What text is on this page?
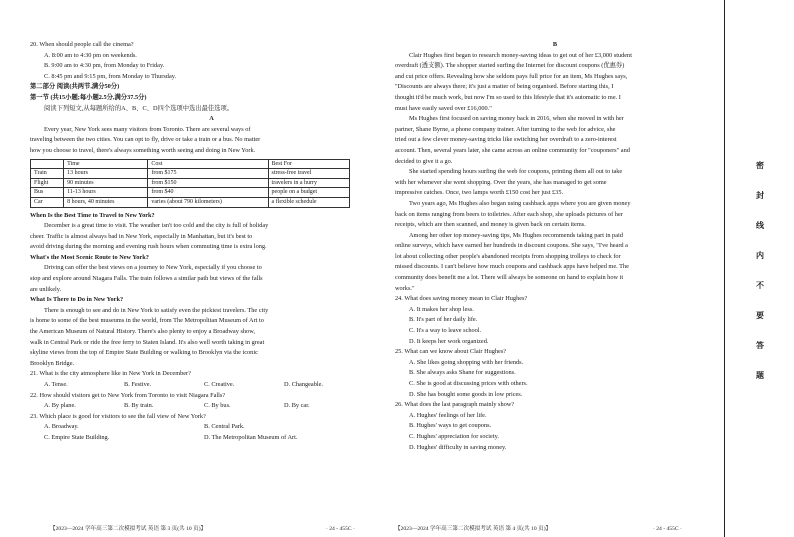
20. When should people call the cinema?

A. 8:00 am to 4:30 pm on weekends.

B. 9:00 am to 4:30 pm, from Monday to Friday.

C. 8:45 pm and 9:15 pm, from Monday to Thursday.

第二部分 阅读(共两节,满分50分)

第一节 (共15小题;每小题2.5分,满分37.5分)

阅读下列短文,从每题所给的A、B、C、D四个选项中选出最佳选项。

A

Every year, New York sees many visitors from Toronto. There are several ways of

traveling between the two cities. You can opt to fly, drive or take a train or a bus. No matter

how you choose to travel, there's always something worth seeing and doing in New York.

	Time	Cost	Best For
Train	13 hours	from $175	stress-free travel
Flight	90 minutes	from $150	travelers in a hurry
Bus	11-13 hours	from $40	people on a budget
Car	8 hours, 40 minutes	varies (about 790 kilometers)	a flexible schedule

When Is the Best Time to Travel to New York?

December is a great time to visit. The weather isn't too cold and the city is full of holiday

cheer. Traffic is almost always bad in New York, especially in Manhattan, but it's best to

avoid driving during the morning and evening rush hours when commuting time is extra long.

What's the Most Scenic Route to New York?

Driving can offer the best views on a journey to New York, especially if you choose to

stop and explore around Niagara Falls. The train follows a similar path but views of the falls

are unlikely.

What Is There to Do in New York?

There is enough to see and do in New York to satisfy even the pickiest travelers. The city

is home to some of the best museums in the world, from The Metropolitan Museum of Art to

the American Museum of Natural History. There's also plenty to enjoy a Broadway show,

walk in Central Park or ride the free ferry to Staten Island. It's also well worth taking in great

skyline views from the top of Empire State Building or walking to Brooklyn via the iconic

Brooklyn Bridge.

21. What is the city atmosphere like in New York in December?

A. Tense.	B. Festive.	C. Creative.	D. Changeable.

22. How should visitors get to New York from Toronto to visit Niagara Falls?

A. By plane.	B. By train.	C. By bus.	D. By car.

23. Which place is good for visitors to see the fall view of New York?

A. Broadway.	B. Central Park.
C. Empire State Building.	D. The Metropolitan Museum of Art.
【2023—2024 学年高三第二次模拟考试 英语 第 3 页(共 10 页)】	· 24 - 455C ·

B

Clair Hughes first began to research money-saving ideas to get out of her £3,000 student

overdraft (透支额). The shopper started surfing the Internet for discount coupons (优惠券)

and cut price offers. Revealing how she seldom pays full price for an item, Ms Hughes says,

"Discounts are always there; it's just a matter of being organised. Before starting this, I

thought it'd be much work, but now I'm so used to this lifestyle that it's automatic to me. I

must have easily saved over £16,000."

Ms Hughes first focused on saving money back in 2016, when she moved in with her

partner, Shane Byrne, a phone company trainer. After turning to the web for advice, she

tried out a few clever money-saving tricks like switching her overdraft to a zero-interest

account. Then, several years later, she came across an online community for "couponers" and

decided to give it a go.

She started spending hours surfing the web for coupons, printing them all out to take

with her whenever she went shopping. Over the years, she has managed to get some

impressive catches. Once, two lamps worth £150 cost her just £35.

Two years ago, Ms Hughes also began using cashback apps where you are given money

back on items ranging from beers to toiletries. After each shop, she uploads pictures of her

receipts, which are then scanned, and money is given back on certain items.

Among her other top money-saving tips, Ms Hughes recommends taking part in paid

online surveys, which have earned her hundreds in discount coupons. She says, "I've heard a

lot about collecting other people's abandoned receipts from shopping trolleys to check for

missed discounts. I can't believe how much coupons and cashback apps have helped me. The

community does benefit me a lot. There will always be someone on hand to explain how it

works."

24. What does saving money mean to Clair Hughes?

A. It makes her shop less.

B. It's part of her daily life.

C. It's a way to leave school.

D. It keeps her work organized.

25. What can we know about Clair Hughes?

A. She likes going shopping with her friends.

B. She always asks Shane for suggestions.

C. She is good at discussing prices with others.

D. She has bought some goods in low prices.

26. What does the last paragraph mainly show?

A. Hughes' feelings of her life.

B. Hughes' ways to get coupons.

C. Hughes' appreciation for society.

D. Hughes' difficulty in saving money.

【2023—2024 学年高三第二次模拟考试 英语 第 4 页(共 10 页)】	· 24 - 455C ·
密
封
线
内
不
要
答
题
